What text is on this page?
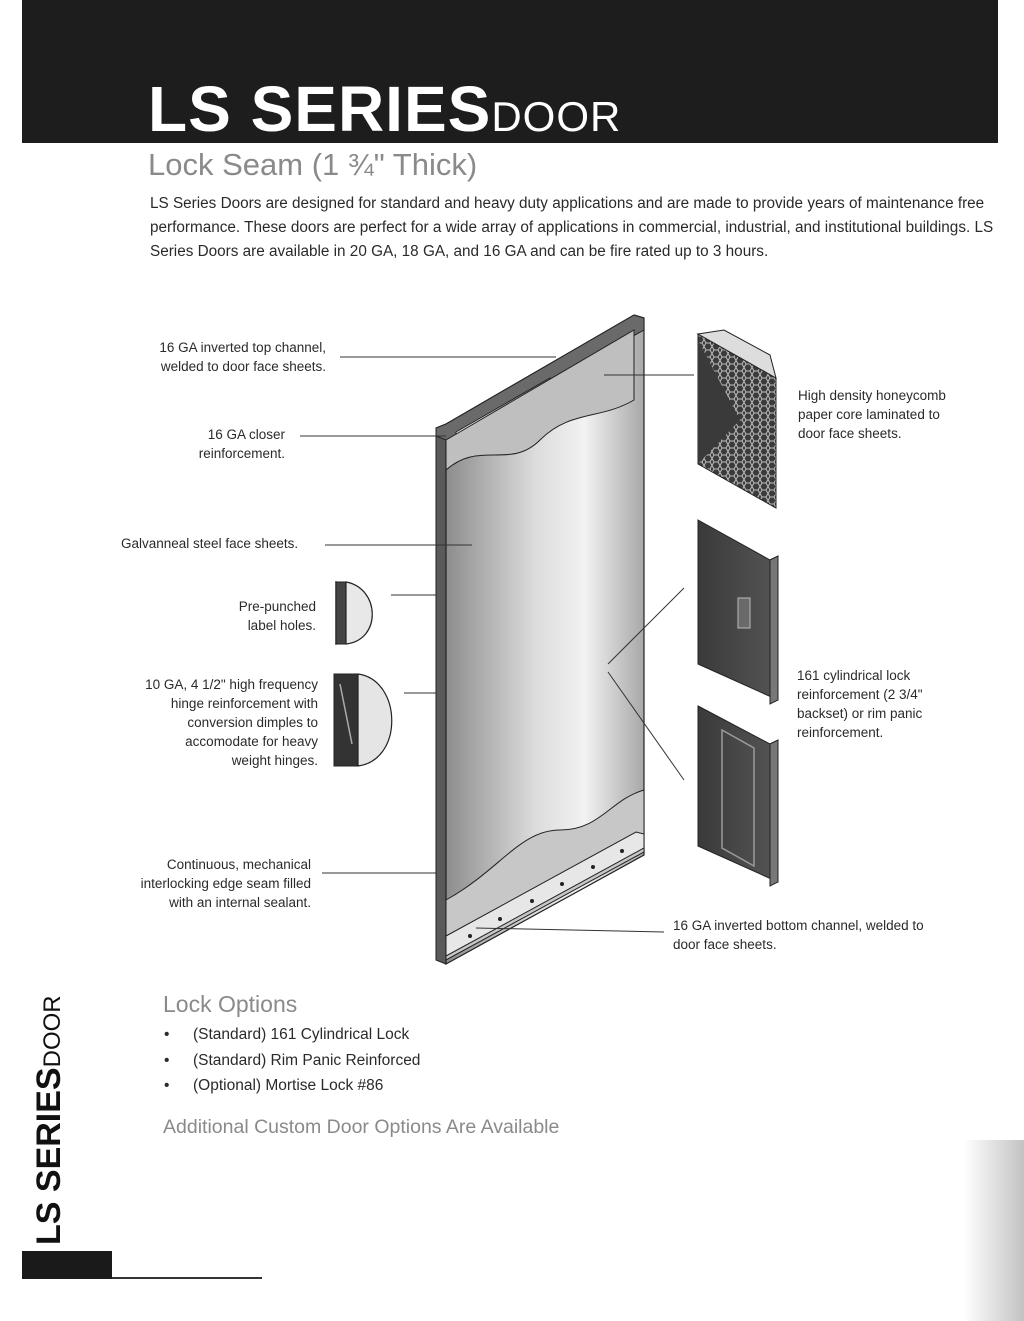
LS SERIESDOOR
Lock Seam (1 ¾" Thick)
LS Series Doors are designed for standard and heavy duty applications and are made to provide years of maintenance free performance. These doors are perfect for a wide array of applications in commercial, industrial, and institutional buildings. LS Series Doors are available in 20 GA, 18 GA, and 16 GA and can be fire rated up to 3 hours.
16 GA inverted top channel,
welded to door face sheets.
16 GA closer
reinforcement.
Galvanneal steel face sheets.
Pre-punched
label holes.
10 GA, 4 1/2" high frequency
hinge reinforcement with
conversion dimples to
accomodate for heavy
weight hinges.
Continuous, mechanical
interlocking edge seam filled
with an internal sealant.
High density honeycomb
paper core laminated to
door face sheets.
161 cylindrical lock
reinforcement (2 3/4"
backset) or rim panic
reinforcement.
16 GA inverted bottom channel, welded to
door face sheets.
LS SERIESDOOR	Lock Options
• (Standard) 161 Cylindrical Lock
• (Standard) Rim Panic Reinforced
• (Optional) Mortise Lock #86
Additional Custom Door Options Are Available
